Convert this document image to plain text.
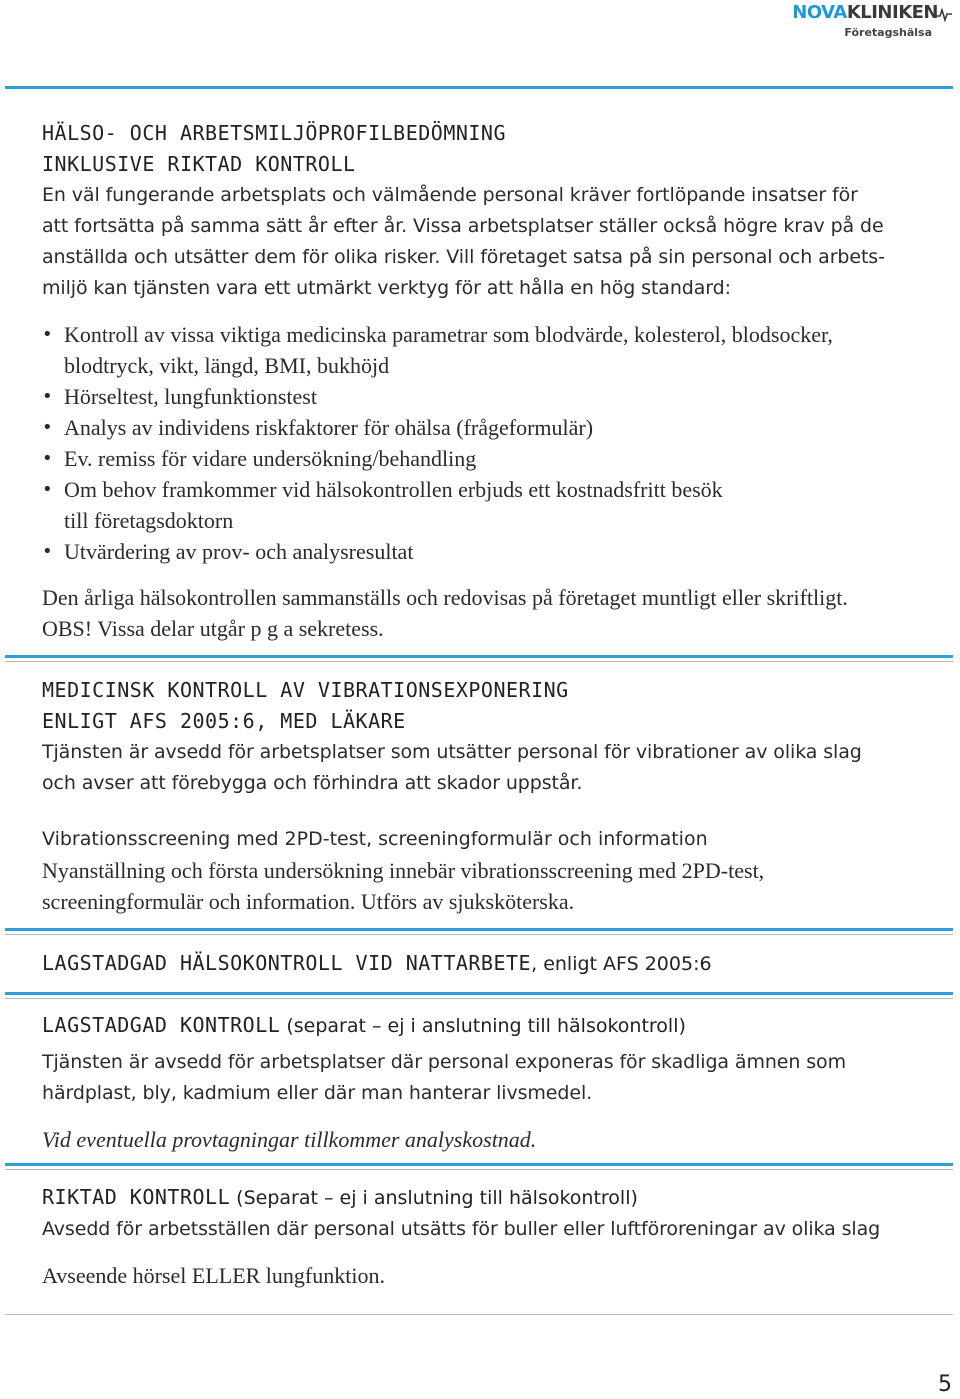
NOVAKLINIKEN
Företagshälsa
HÄLSO- OCH ARBETSMILJÖPROFILBEDÖMNING
INKLUSIVE RIKTAD KONTROLL
En väl fungerande arbetsplats och välmående personal kräver fortlöpande insatser för
att fortsätta på samma sätt år efter år. Vissa arbetsplatser ställer också högre krav på de
anställda och utsätter dem för olika risker. Vill företaget satsa på sin personal och arbets-
miljö kan tjänsten vara ett utmärkt verktyg för att hålla en hög standard:
• Kontroll av vissa viktiga medicinska parametrar som blodvärde, kolesterol, blodsocker,
blodtryck, vikt, längd, BMI, bukhöjd
• Hörseltest, lungfunktionstest
• Analys av individens riskfaktorer för ohälsa (frågeformulär)
• Ev. remiss för vidare undersökning/behandling
• Om behov framkommer vid hälsokontrollen erbjuds ett kostnadsfritt besök
till företagsdoktorn
• Utvärdering av prov- och analysresultat
Den årliga hälsokontrollen sammanställs och redovisas på företaget muntligt eller skriftligt.
OBS! Vissa delar utgår p g a sekretess.
MEDICINSK KONTROLL AV VIBRATIONSEXPONERING
ENLIGT AFS 2005:6, MED LÄKARE
Tjänsten är avsedd för arbetsplatser som utsätter personal för vibrationer av olika slag
och avser att förebygga och förhindra att skador uppstår.
Vibrationsscreening med 2PD-test, screeningformulär och information
Nyanställning och första undersökning innebär vibrationsscreening med 2PD-test,
screeningformulär och information. Utförs av sjuksköterska.
LAGSTADGAD HÄLSOKONTROLL VID NATTARBETE, enligt AFS 2005:6
LAGSTADGAD KONTROLL (separat – ej i anslutning till hälsokontroll)
Tjänsten är avsedd för arbetsplatser där personal exponeras för skadliga ämnen som
härdplast, bly, kadmium eller där man hanterar livsmedel.
Vid eventuella provtagningar tillkommer analyskostnad.
RIKTAD KONTROLL (Separat – ej i anslutning till hälsokontroll)
Avsedd för arbetsställen där personal utsätts för buller eller luftföroreningar av olika slag
Avseende hörsel ELLER lungfunktion.
5
